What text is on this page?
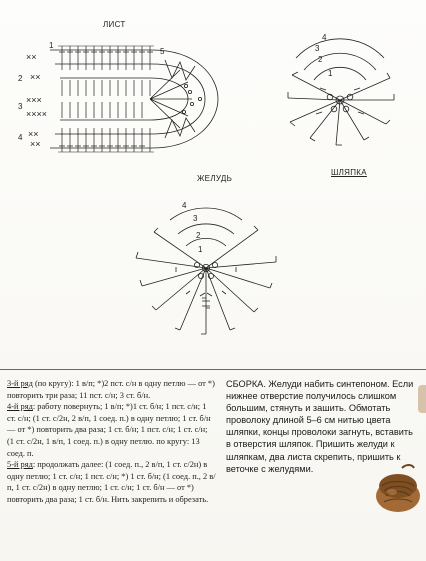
ЛИСТ
1
2
3
4
5
××
××
×××
××××
××
××
4
3
2
1
4
3
2
1
ШЛЯПКА
ЖЕЛУДЬ

3-й ряд (по кругу): 1 в/п; *)2 пст. с/н в одну петлю — от *) повторить три раза; 11 пст. с/н; 3 ст. б/н.

4-й ряд: работу повернуть; 1 в/п; *)1 ст. б/н; 1 пст. с/н; 1 ст. с/н; (1 ст. с/2н, 2 в/п, 1 соед. п.) в одну петлю; 1 ст. б/н — от *) повторить два раза; 1 ст. б/н; 1 пст. с/н; 1 ст. с/н; (1 ст. с/2н, 1 в/п, 1 соед. п.) в одну петлю. по кругу: 13 соед. п.

5-й ряд: продолжать далее: (1 соед. п., 2 в/п, 1 ст. с/2н) в одну петлю; 1 ст. с/н; 1 пст. с/н; *) 1 ст. б/н; (1 соед. п., 2 в/п, 1 ст. с/2н) в одну петлю; 1 ст. с/н; 1 ст. б/н — от *) повторить два раза; 1 ст. б/н. Нить закрепить и обрезать.

СБОРКА. Желуди набить синтепоном. Если нижнее отверстие получилось слишком большим, стянуть и зашить. Обмотать проволоку длиной 5–6 см нитью цвета шляпки, концы проволоки загнуть, вставить в отверстия шляпок. Пришить желуди к шляпкам, два листа скрепить, пришить к веточке с желудями.
